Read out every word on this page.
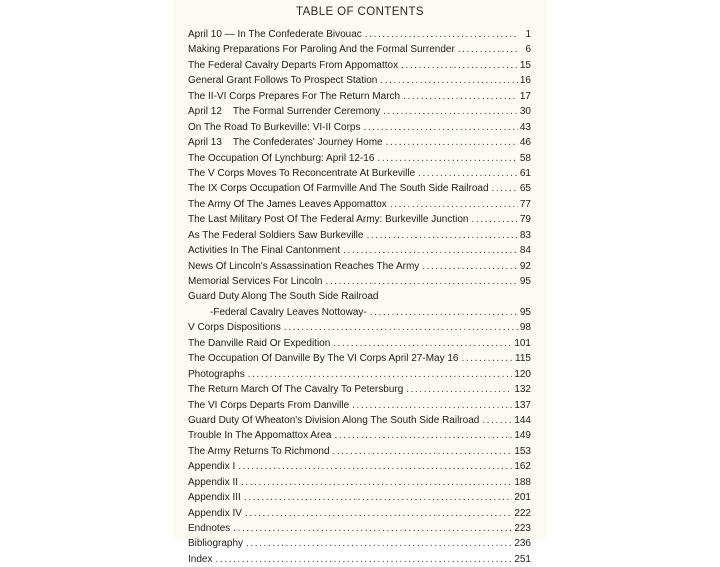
TABLE OF CONTENTS
April 10 — In The Confederate Bivouac .....	1
Making Preparations For Paroling And the Formal Surrender .....	6
The Federal Cavalry Departs From Appomattox .....	15
General Grant Follows To Prospect Station .....	16
The II-VI Corps Prepares For The Return March .....	17
April 12    The Formal Surrender Ceremony .....	30
On The Road To Burkeville: VI-II Corps .....	43
April 13    The Confederates' Journey Home .....	46
The Occupation Of Lynchburg: April 12-16 .....	58
The V Corps Moves To Reconcentrate At Burkeville .....	61
The IX Corps Occupation Of Farmville And The South Side Railroad .....	65
The Army Of The James Leaves Appomattox .....	77
The Last Military Post Of The Federal Army: Burkeville Junction .....	79
As The Federal Soldiers Saw Burkeville .....	83
Activities In The Final Cantonment .....	84
News Of Lincoln's Assassination Reaches The Army .....	92
Memorial Services For Lincoln .....	95
Guard Duty Along The South Side Railroad
-Federal Cavalry Leaves Nottoway- .....	95
V Corps Dispositions .....	98
The Danville Raid Or Expedition .....	101
The Occupation Of Danville By The VI Corps April 27-May 16 .....	115
Photographs .....	120
The Return March Of The Cavalry To Petersburg .....	132
The VI Corps Departs From Danville .....	137
Guard Duty Of Wheaton's Division Along The South Side Railroad .....	144
Trouble In The Appomattox Area .....	149
The Army Returns To Richmond .....	153
Appendix I .....	162
Appendix II .....	188
Appendix III .....	201
Appendix IV .....	222
Endnotes .....	223
Bibliography .....	236
Index .....	251
